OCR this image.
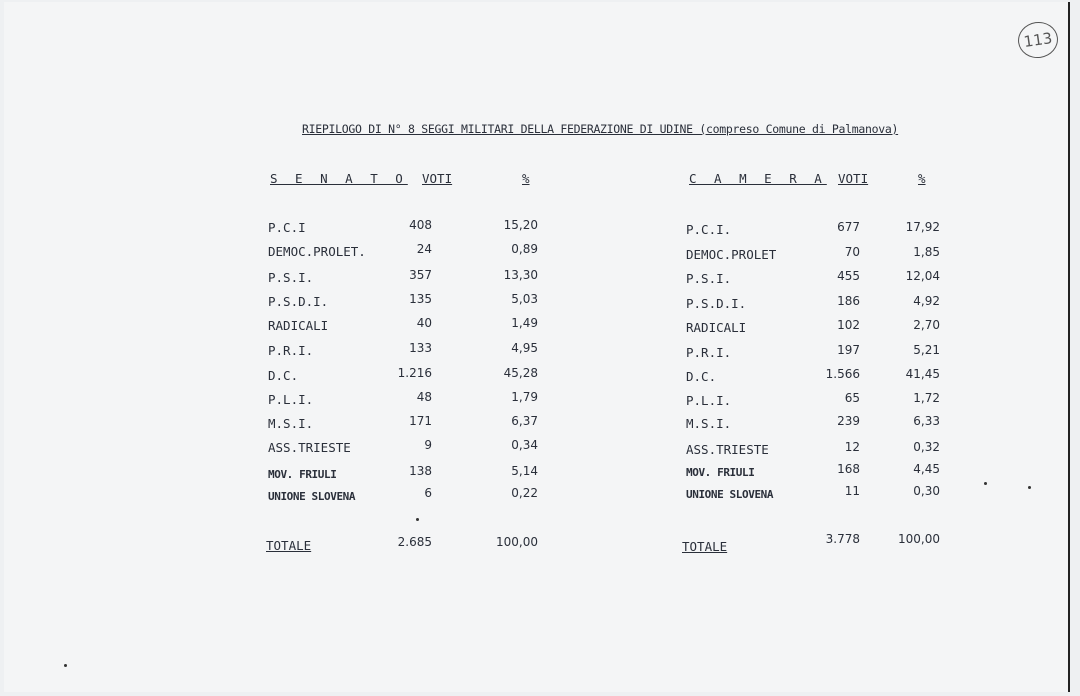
113
RIEPILOGO DI N° 8 SEGGI MILITARI DELLA FEDERAZIONE DI UDINE (compreso Comune di Palmanova)
S E N A T O VOTI	%	C A M E R A VOTI	%
P.C.I	408	15,20
DEMOC.PROLET.	24	0,89
P.S.I.	357	13,30
P.S.D.I.	135	5,03
RADICALI	40	1,49
P.R.I.	133	4,95
D.C.	1.216	45,28
P.L.I.	48	1,79
M.S.I.	171	6,37
ASS.TRIESTE	9	0,34
MOV. FRIULI	138	5,14
UNIONE SLOVENA	6	0,22
P.C.I.	677	17,92
DEMOC.PROLET	70	1,85
P.S.I.	455	12,04
P.S.D.I.	186	4,92
RADICALI	102	2,70
P.R.I.	197	5,21
D.C.	1.566	41,45
P.L.I.	65	1,72
M.S.I.	239	6,33
ASS.TRIESTE	12	0,32
MOV. FRIULI	168	4,45
UNIONE SLOVENA	11	0,30
TOTALE	2.685	100,00	TOTALE	3.778	100,00
